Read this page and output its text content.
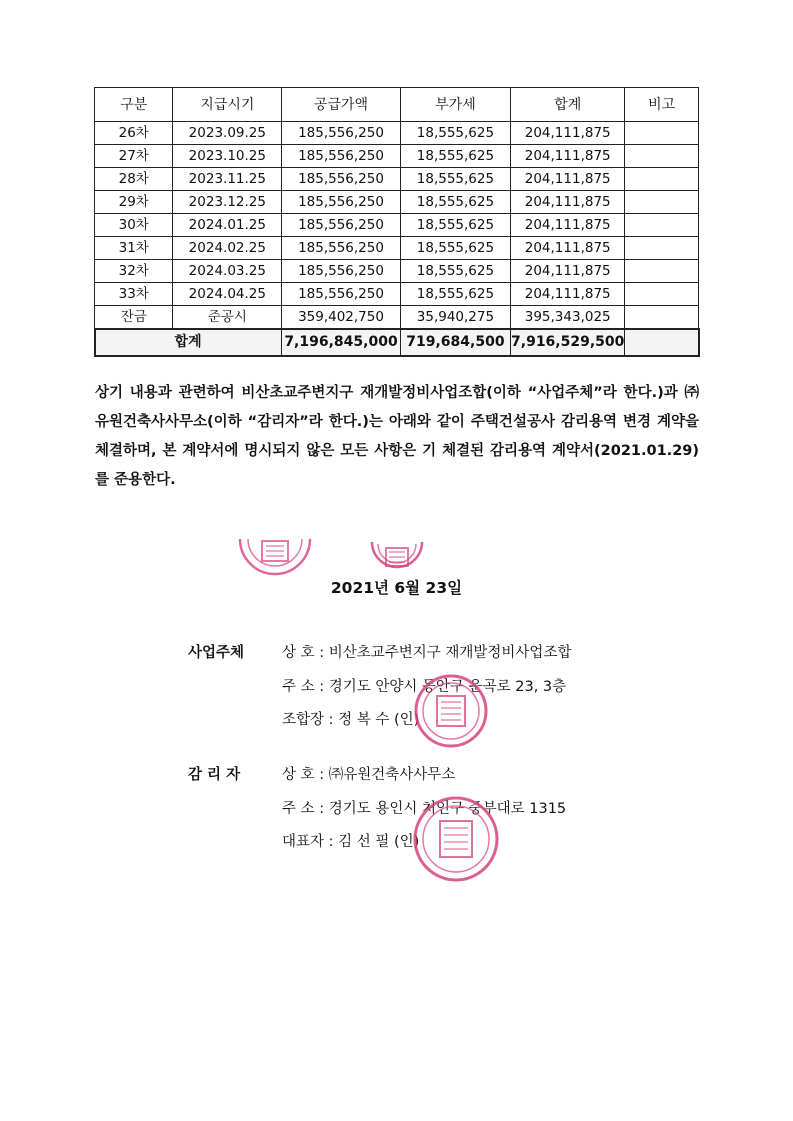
구분	지급시기	공급가액	부가세	합계	비고
26차	2023.09.25	185,556,250	18,555,625	204,111,875	
27차	2023.10.25	185,556,250	18,555,625	204,111,875	
28차	2023.11.25	185,556,250	18,555,625	204,111,875	
29차	2023.12.25	185,556,250	18,555,625	204,111,875	
30차	2024.01.25	185,556,250	18,555,625	204,111,875	
31차	2024.02.25	185,556,250	18,555,625	204,111,875	
32차	2024.03.25	185,556,250	18,555,625	204,111,875	
33차	2024.04.25	185,556,250	18,555,625	204,111,875	
잔금	준공시	359,402,750	35,940,275	395,343,025	
합계		7,196,845,000	719,684,500	7,916,529,500	
상기 내용과 관련하여 비산초교주변지구 재개발정비사업조합(이하 “사업주체”라 한다.)과 ㈜유원건축사사무소(이하 “감리자”라 한다.)는 아래와 같이 주택건설공사 감리용역 변경 계약을 체결하며, 본 계약서에 명시되지 않은 모든 사항은 기 체결된 감리용역 계약서(2021.01.29)를 준용한다.
2021년 6월 23일
사업주체	상 호 : 비산초교주변지구 재개발정비사업조합
주 소 : 경기도 안양시 동안구 운곡로 23, 3층
조합장 : 정 복 수 (인)
감 리 자	상 호 : ㈜유원건축사사무소
주 소 : 경기도 용인시 처인구 중부대로 1315
대표자 : 김 선 필 (인)
